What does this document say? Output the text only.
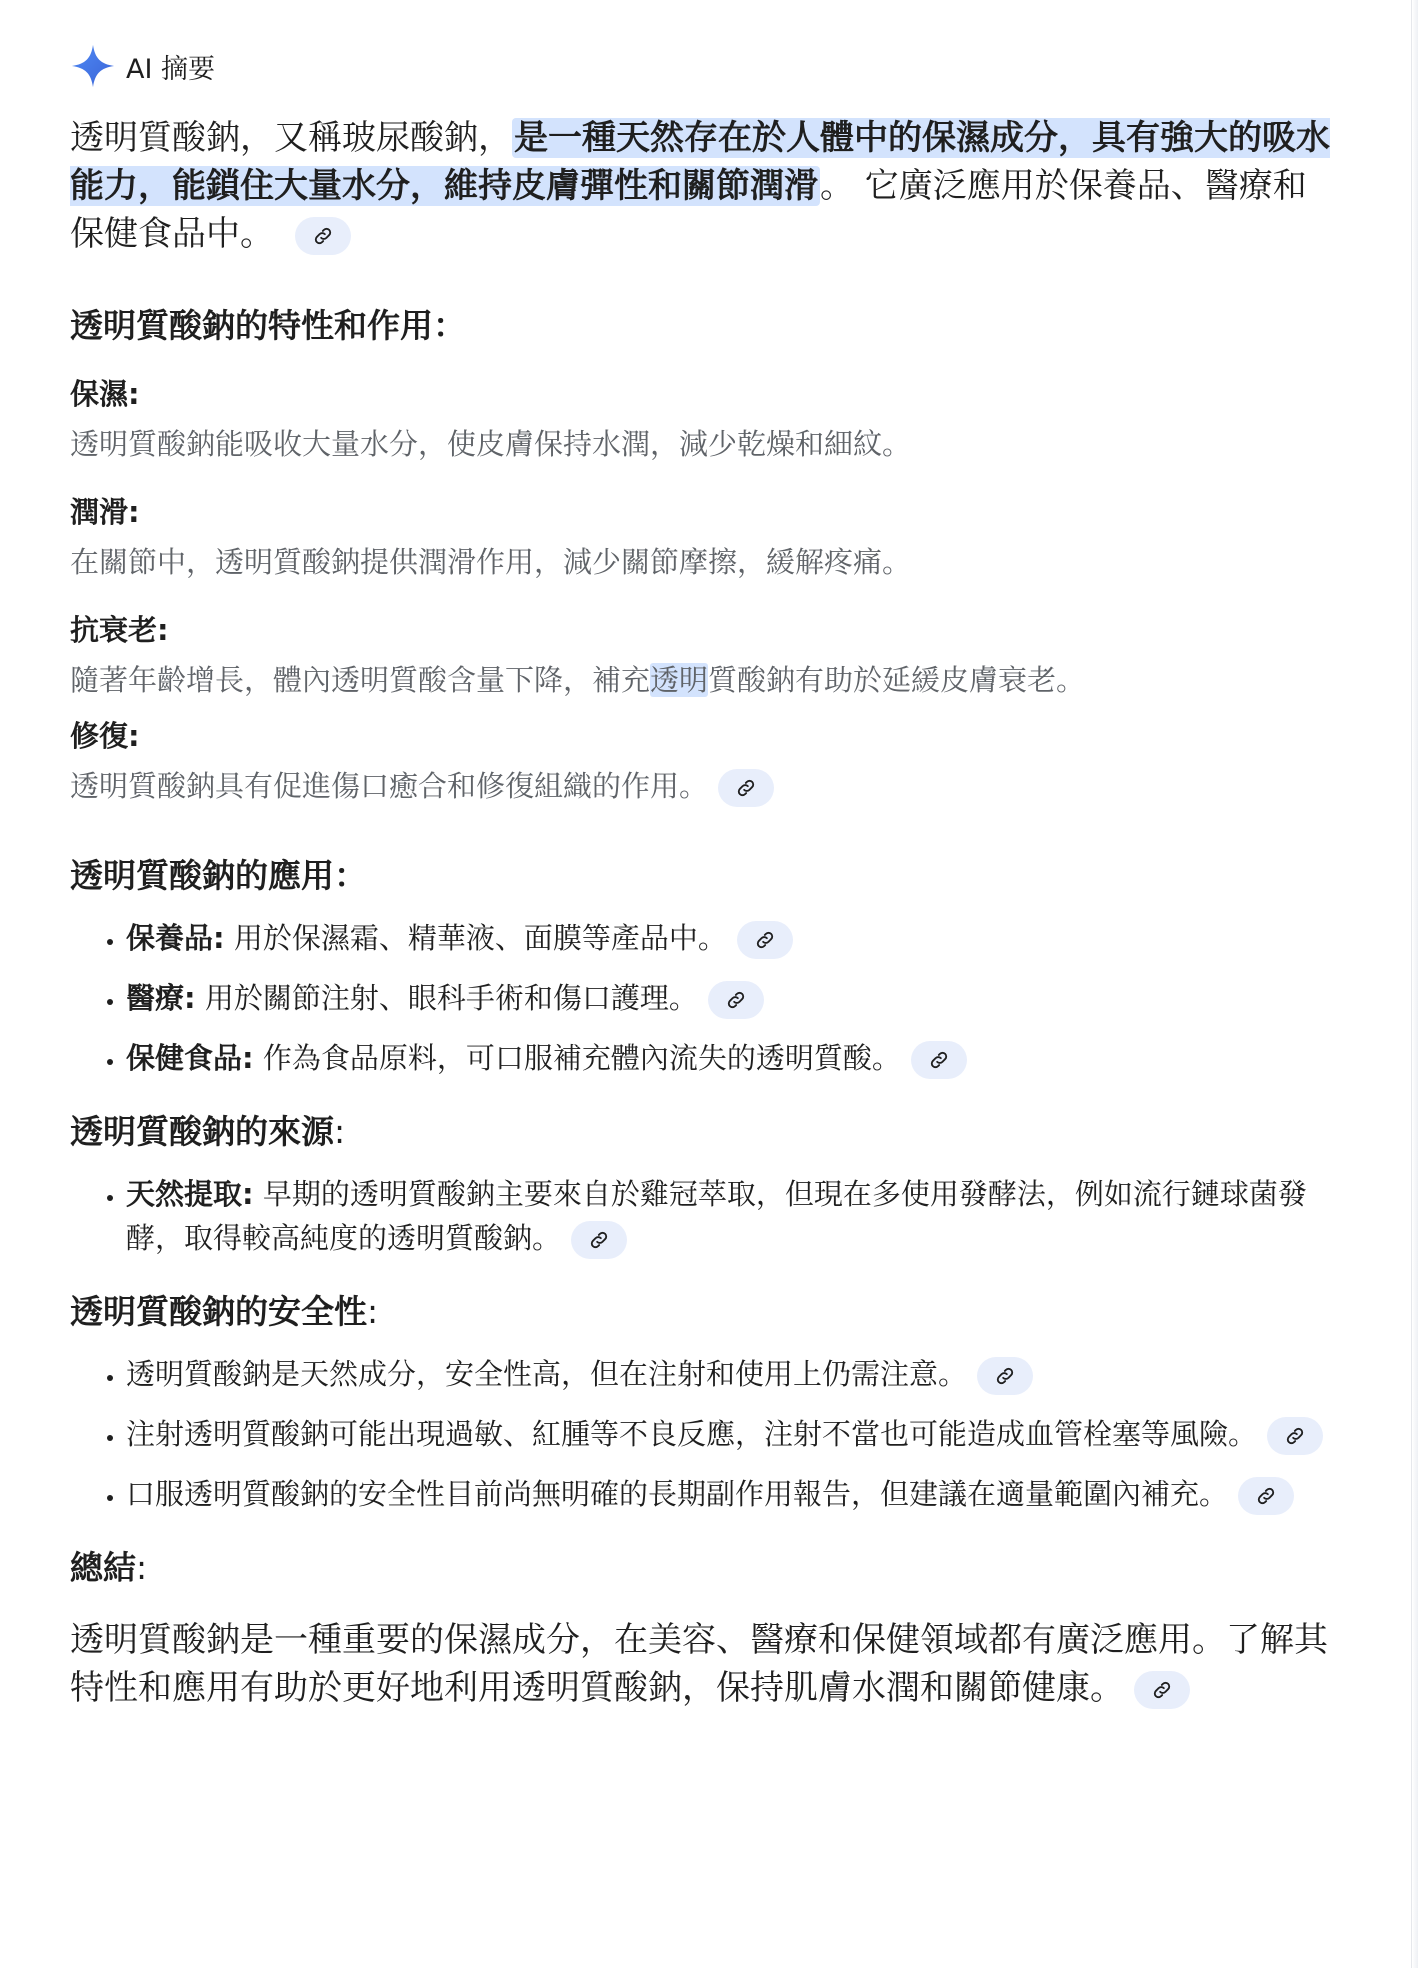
AI 摘要

透明質酸鈉，又稱玻尿酸鈉，是一種天然存在於人體中的保濕成分，具有強大的吸水能力，能鎖住大量水分，維持皮膚彈性和關節潤滑。 它廣泛應用於保養品、醫療和保健食品中。

透明質酸鈉的特性和作用：
保濕:
透明質酸鈉能吸收大量水分，使皮膚保持水潤，減少乾燥和細紋。
潤滑:
在關節中，透明質酸鈉提供潤滑作用，減少關節摩擦，緩解疼痛。
抗衰老:
隨著年齡增長，體內透明質酸含量下降，補充透明質酸鈉有助於延緩皮膚衰老。
修復:
透明質酸鈉具有促進傷口癒合和修復組織的作用。
透明質酸鈉的應用：
• 保養品: 用於保濕霜、精華液、面膜等產品中。
• 醫療: 用於關節注射、眼科手術和傷口護理。
• 保健食品: 作為食品原料，可口服補充體內流失的透明質酸。
透明質酸鈉的來源:
• 天然提取: 早期的透明質酸鈉主要來自於雞冠萃取，但現在多使用發酵法，例如流行鏈球菌發酵，取得較高純度的透明質酸鈉。
透明質酸鈉的安全性:
• 透明質酸鈉是天然成分，安全性高，但在注射和使用上仍需注意。
• 注射透明質酸鈉可能出現過敏、紅腫等不良反應，注射不當也可能造成血管栓塞等風險。
• 口服透明質酸鈉的安全性目前尚無明確的長期副作用報告，但建議在適量範圍內補充。
總結:

透明質酸鈉是一種重要的保濕成分，在美容、醫療和保健領域都有廣泛應用。了解其特性和應用有助於更好地利用透明質酸鈉，保持肌膚水潤和關節健康。
